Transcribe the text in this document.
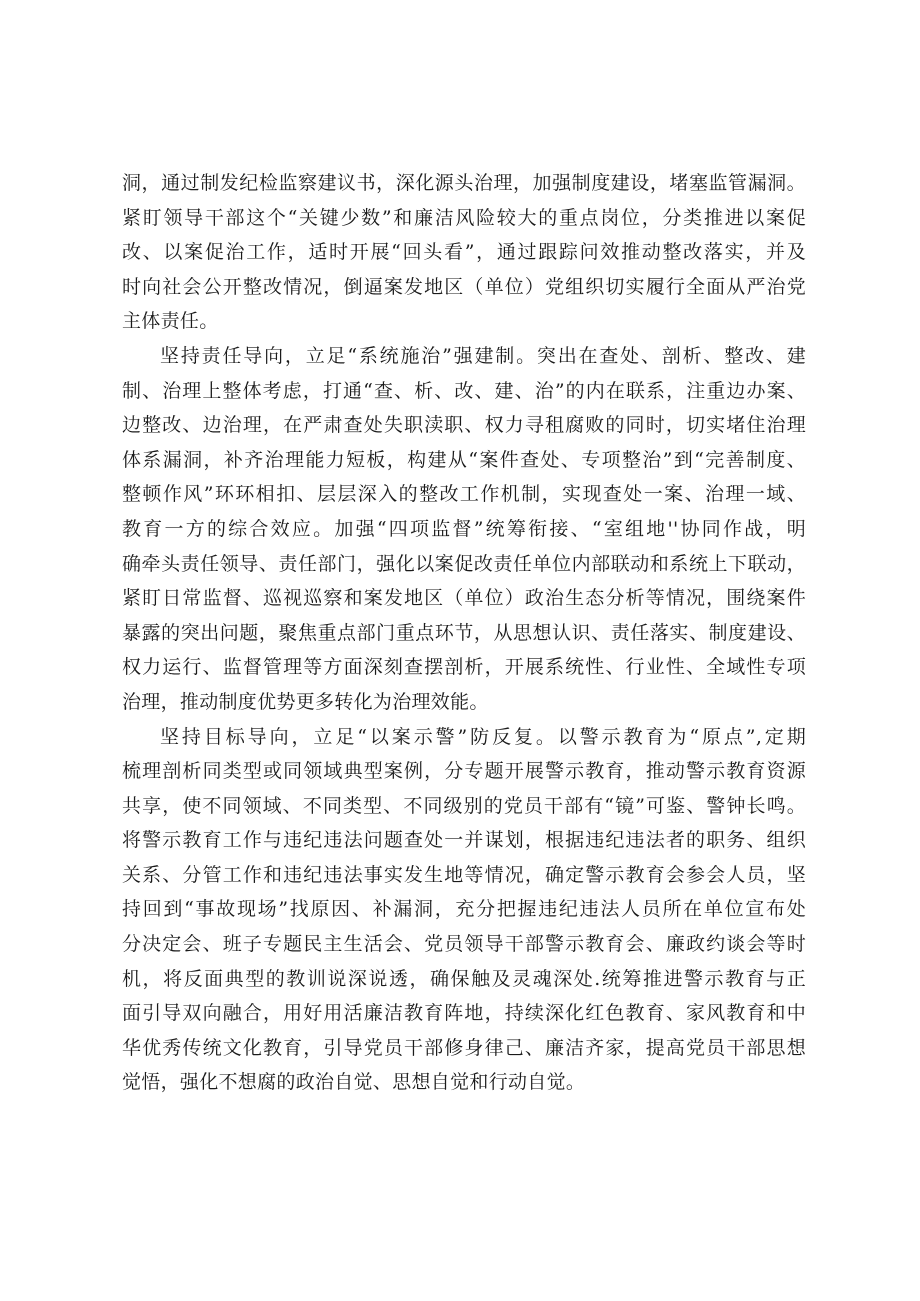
洞，通过制发纪检监察建议书，深化源头治理，加强制度建设，堵塞监管漏洞。
紧盯领导干部这个“关键少数”和廉洁风险较大的重点岗位，分类推进以案促
改、以案促治工作，适时开展“回头看”，通过跟踪问效推动整改落实，并及
时向社会公开整改情况，倒逼案发地区（单位）党组织切实履行全面从严治党
主体责任。
坚持责任导向，立足“系统施治”强建制。突出在查处、剖析、整改、建
制、治理上整体考虑，打通“查、析、改、建、治”的内在联系，注重边办案、
边整改、边治理，在严肃查处失职渎职、权力寻租腐败的同时，切实堵住治理
体系漏洞，补齐治理能力短板，构建从“案件查处、专项整治”到“完善制度、
整顿作风”环环相扣、层层深入的整改工作机制，实现查处一案、治理一域、
教育一方的综合效应。加强“四项监督”统筹衔接、“室组地''协同作战，明
确牵头责任领导、责任部门，强化以案促改责任单位内部联动和系统上下联动，
紧盯日常监督、巡视巡察和案发地区（单位）政治生态分析等情况，围绕案件
暴露的突出问题，聚焦重点部门重点环节，从思想认识、责任落实、制度建设、
权力运行、监督管理等方面深刻查摆剖析，开展系统性、行业性、全域性专项
治理，推动制度优势更多转化为治理效能。
坚持目标导向，立足“以案示警”防反复。以警示教育为“原点”,定期
梳理剖析同类型或同领域典型案例，分专题开展警示教育，推动警示教育资源
共享，使不同领域、不同类型、不同级别的党员干部有“镜”可鉴、警钟长鸣。
将警示教育工作与违纪违法问题查处一并谋划，根据违纪违法者的职务、组织
关系、分管工作和违纪违法事实发生地等情况，确定警示教育会参会人员，坚
持回到“事故现场”找原因、补漏洞，充分把握违纪违法人员所在单位宣布处
分决定会、班子专题民主生活会、党员领导干部警示教育会、廉政约谈会等时
机，将反面典型的教训说深说透，确保触及灵魂深处.统筹推进警示教育与正
面引导双向融合，用好用活廉洁教育阵地，持续深化红色教育、家风教育和中
华优秀传统文化教育，引导党员干部修身律己、廉洁齐家，提高党员干部思想
觉悟，强化不想腐的政治自觉、思想自觉和行动自觉。
